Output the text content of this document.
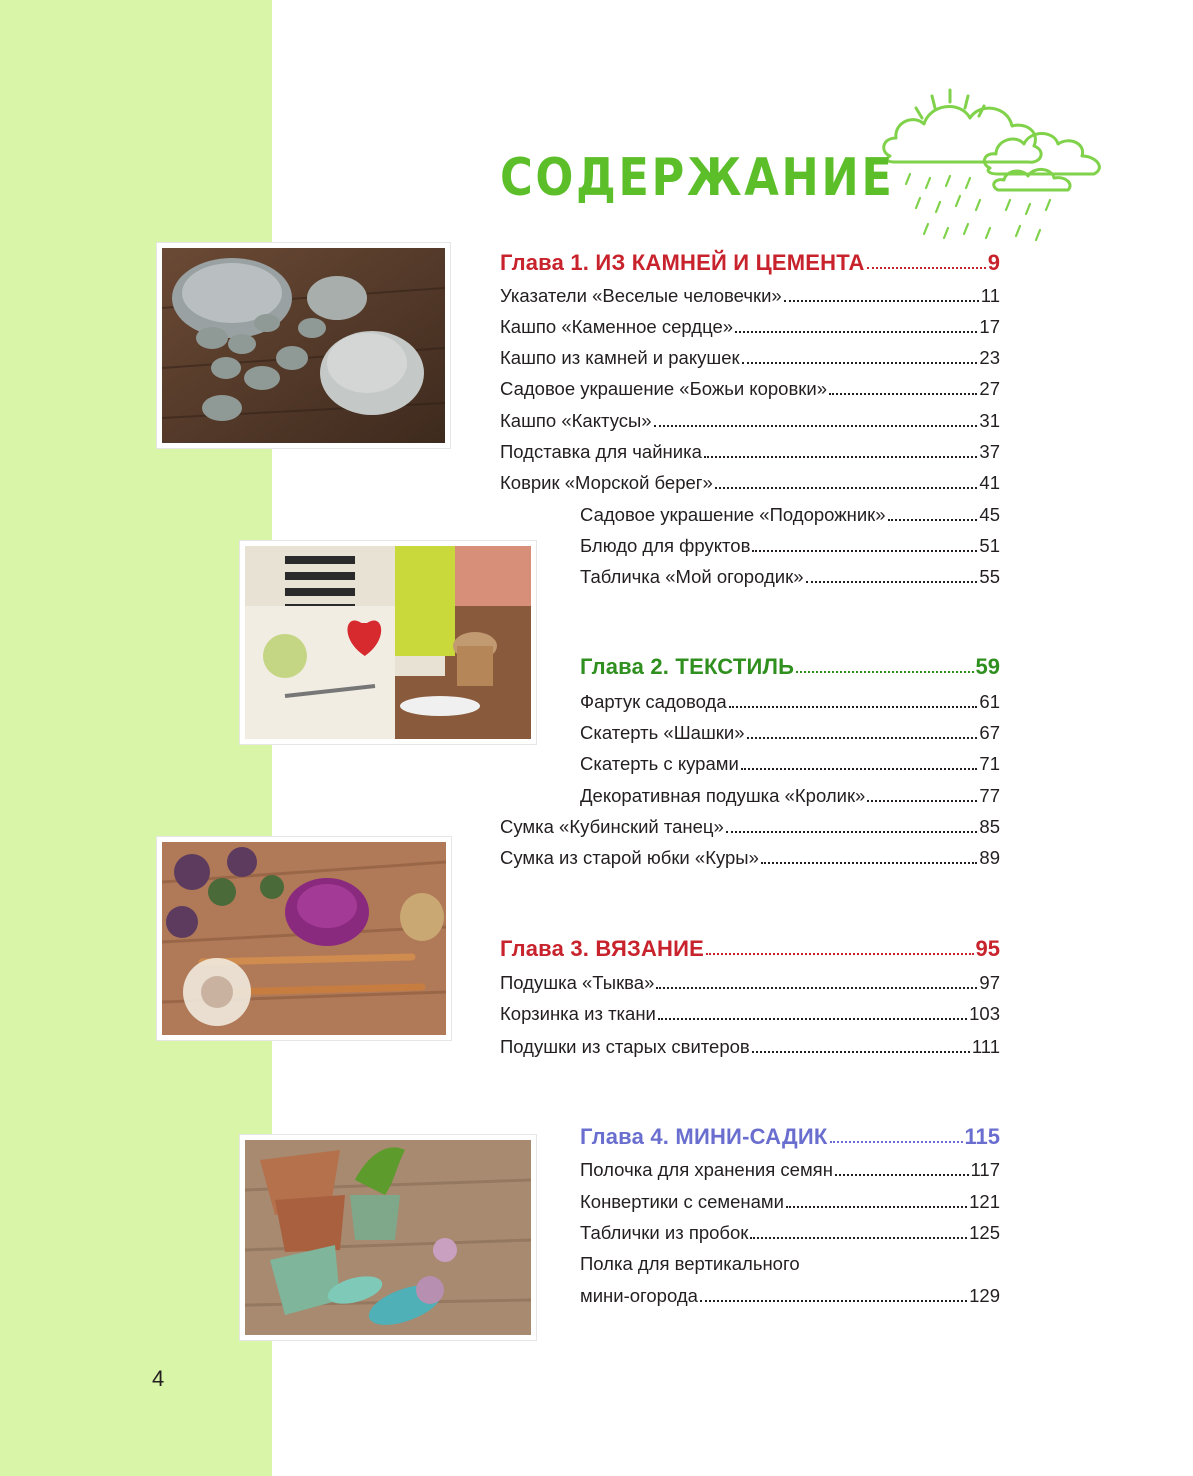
СОДЕРЖАНИЕ
Глава 1. ИЗ КАМНЕЙ И ЦЕМЕНТА	9
Указатели «Веселые человечки»	11
Кашпо «Каменное сердце»	17
Кашпо из камней и ракушек	23
Садовое украшение «Божьи коровки»	27
Кашпо «Кактусы»	31
Подставка для чайника	37
Коврик «Морской берег»	41
Садовое украшение «Подорожник»	45
Блюдо для фруктов	51
Табличка «Мой огородик»	55
Глава 2. ТЕКСТИЛЬ	59
Фартук садовода	61
Скатерть «Шашки»	67
Скатерть с курами	71
Декоративная подушка «Кролик»	77
Сумка «Кубинский танец»	85
Сумка из старой юбки «Куры»	89
Глава 3. ВЯЗАНИЕ	95
Подушка «Тыква»	97
Корзинка из ткани	103
Подушки из старых свитеров	111
Глава 4. МИНИ-САДИК	115
Полочка для хранения семян	117
Конвертики с семенами	121
Таблички из пробок	125
Полка для вертикального
мини-огорода	129
4
